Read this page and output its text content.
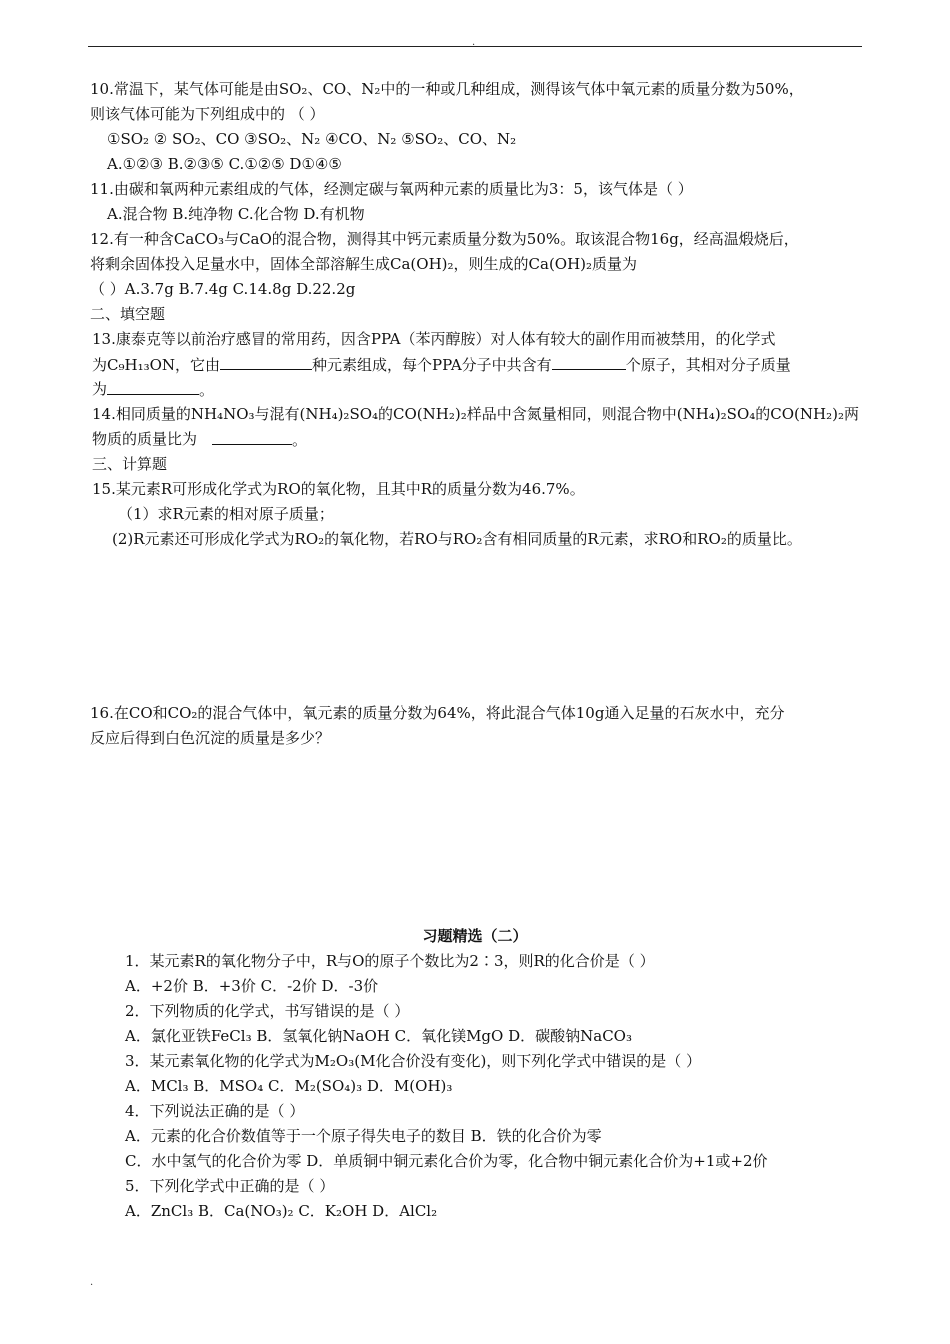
.
10.常温下，某气体可能是由SO₂、CO、N₂中的一种或几种组成，测得该气体中氧元素的质量分数为50%，
则该气体可能为下列组成中的 （ ）
①SO₂ ② SO₂、CO ③SO₂、N₂ ④CO、N₂ ⑤SO₂、CO、N₂
A.①②③ B.②③⑤ C.①②⑤ D①④⑤
11.由碳和氧两种元素组成的气体，经测定碳与氧两种元素的质量比为3：5，该气体是（ ）
A.混合物 B.纯净物 C.化合物 D.有机物
12.有一种含CaCO₃与CaO的混合物，测得其中钙元素质量分数为50%。取该混合物16g，经高温煅烧后，
将剩余固体投入足量水中，固体全部溶解生成Ca(OH)₂，则生成的Ca(OH)₂质量为
（ ）A.3.7g B.7.4g C.14.8g D.22.2g
二、填空题
13.康泰克等以前治疗感冒的常用药，因含PPA（苯丙醇胺）对人体有较大的副作用而被禁用，的化学式
为
14.相同质量的NH₄NO₃与混有(NH₄)₂SO₄的CO(NH₂)₂样品中含氮量相同，则混合物中(NH₄)₂SO₄的CO(NH₂)₂两
物质的质量比为
三、计算题
15.某元素R可形成化学式为RO的氧化物，且其中R的质量分数为46.7%。
（1）求R元素的相对原子质量；
(2)R元素还可形成化学式为RO₂的氧化物，若RO与RO₂含有相同质量的R元素，求RO和RO₂的质量比。
16.在CO和CO₂的混合气体中，氧元素的质量分数为64%，将此混合气体10g通入足量的石灰水中，充分
反应后得到白色沉淀的质量是多少？
1．某元素R的氧化物分子中，R与O的原子个数比为2∶3，则R的化合价是（ ）
A．+2价 B．+3价 C．-2价 D．-3价
2．下列物质的化学式，书写错误的是（ ）
A．氯化亚铁FeCl₃ B．氢氧化钠NaOH C．氧化镁MgO D．碳酸钠NaCO₃
3．某元素氧化物的化学式为M₂O₃(M化合价没有变化)，则下列化学式中错误的是（ ）
A．MCl₃ B．MSO₄ C．M₂(SO₄)₃ D．M(OH)₃
4．下列说法正确的是（ ）
A．元素的化合价数值等于一个原子得失电子的数目 B．铁的化合价为零
C．水中氢气的化合价为零 D．单质铜中铜元素化合价为零，化合物中铜元素化合价为+1或+2价
5．下列化学式中正确的是（ ）
A．ZnCl₃ B．Ca(NO₃)₂ C．K₂OH D．AlCl₂
为C₉H₁₃ON，它由	种元素组成，每个PPA分子中共含有	个原子，其相对分子质量
。
。
习题精选（二）
.
